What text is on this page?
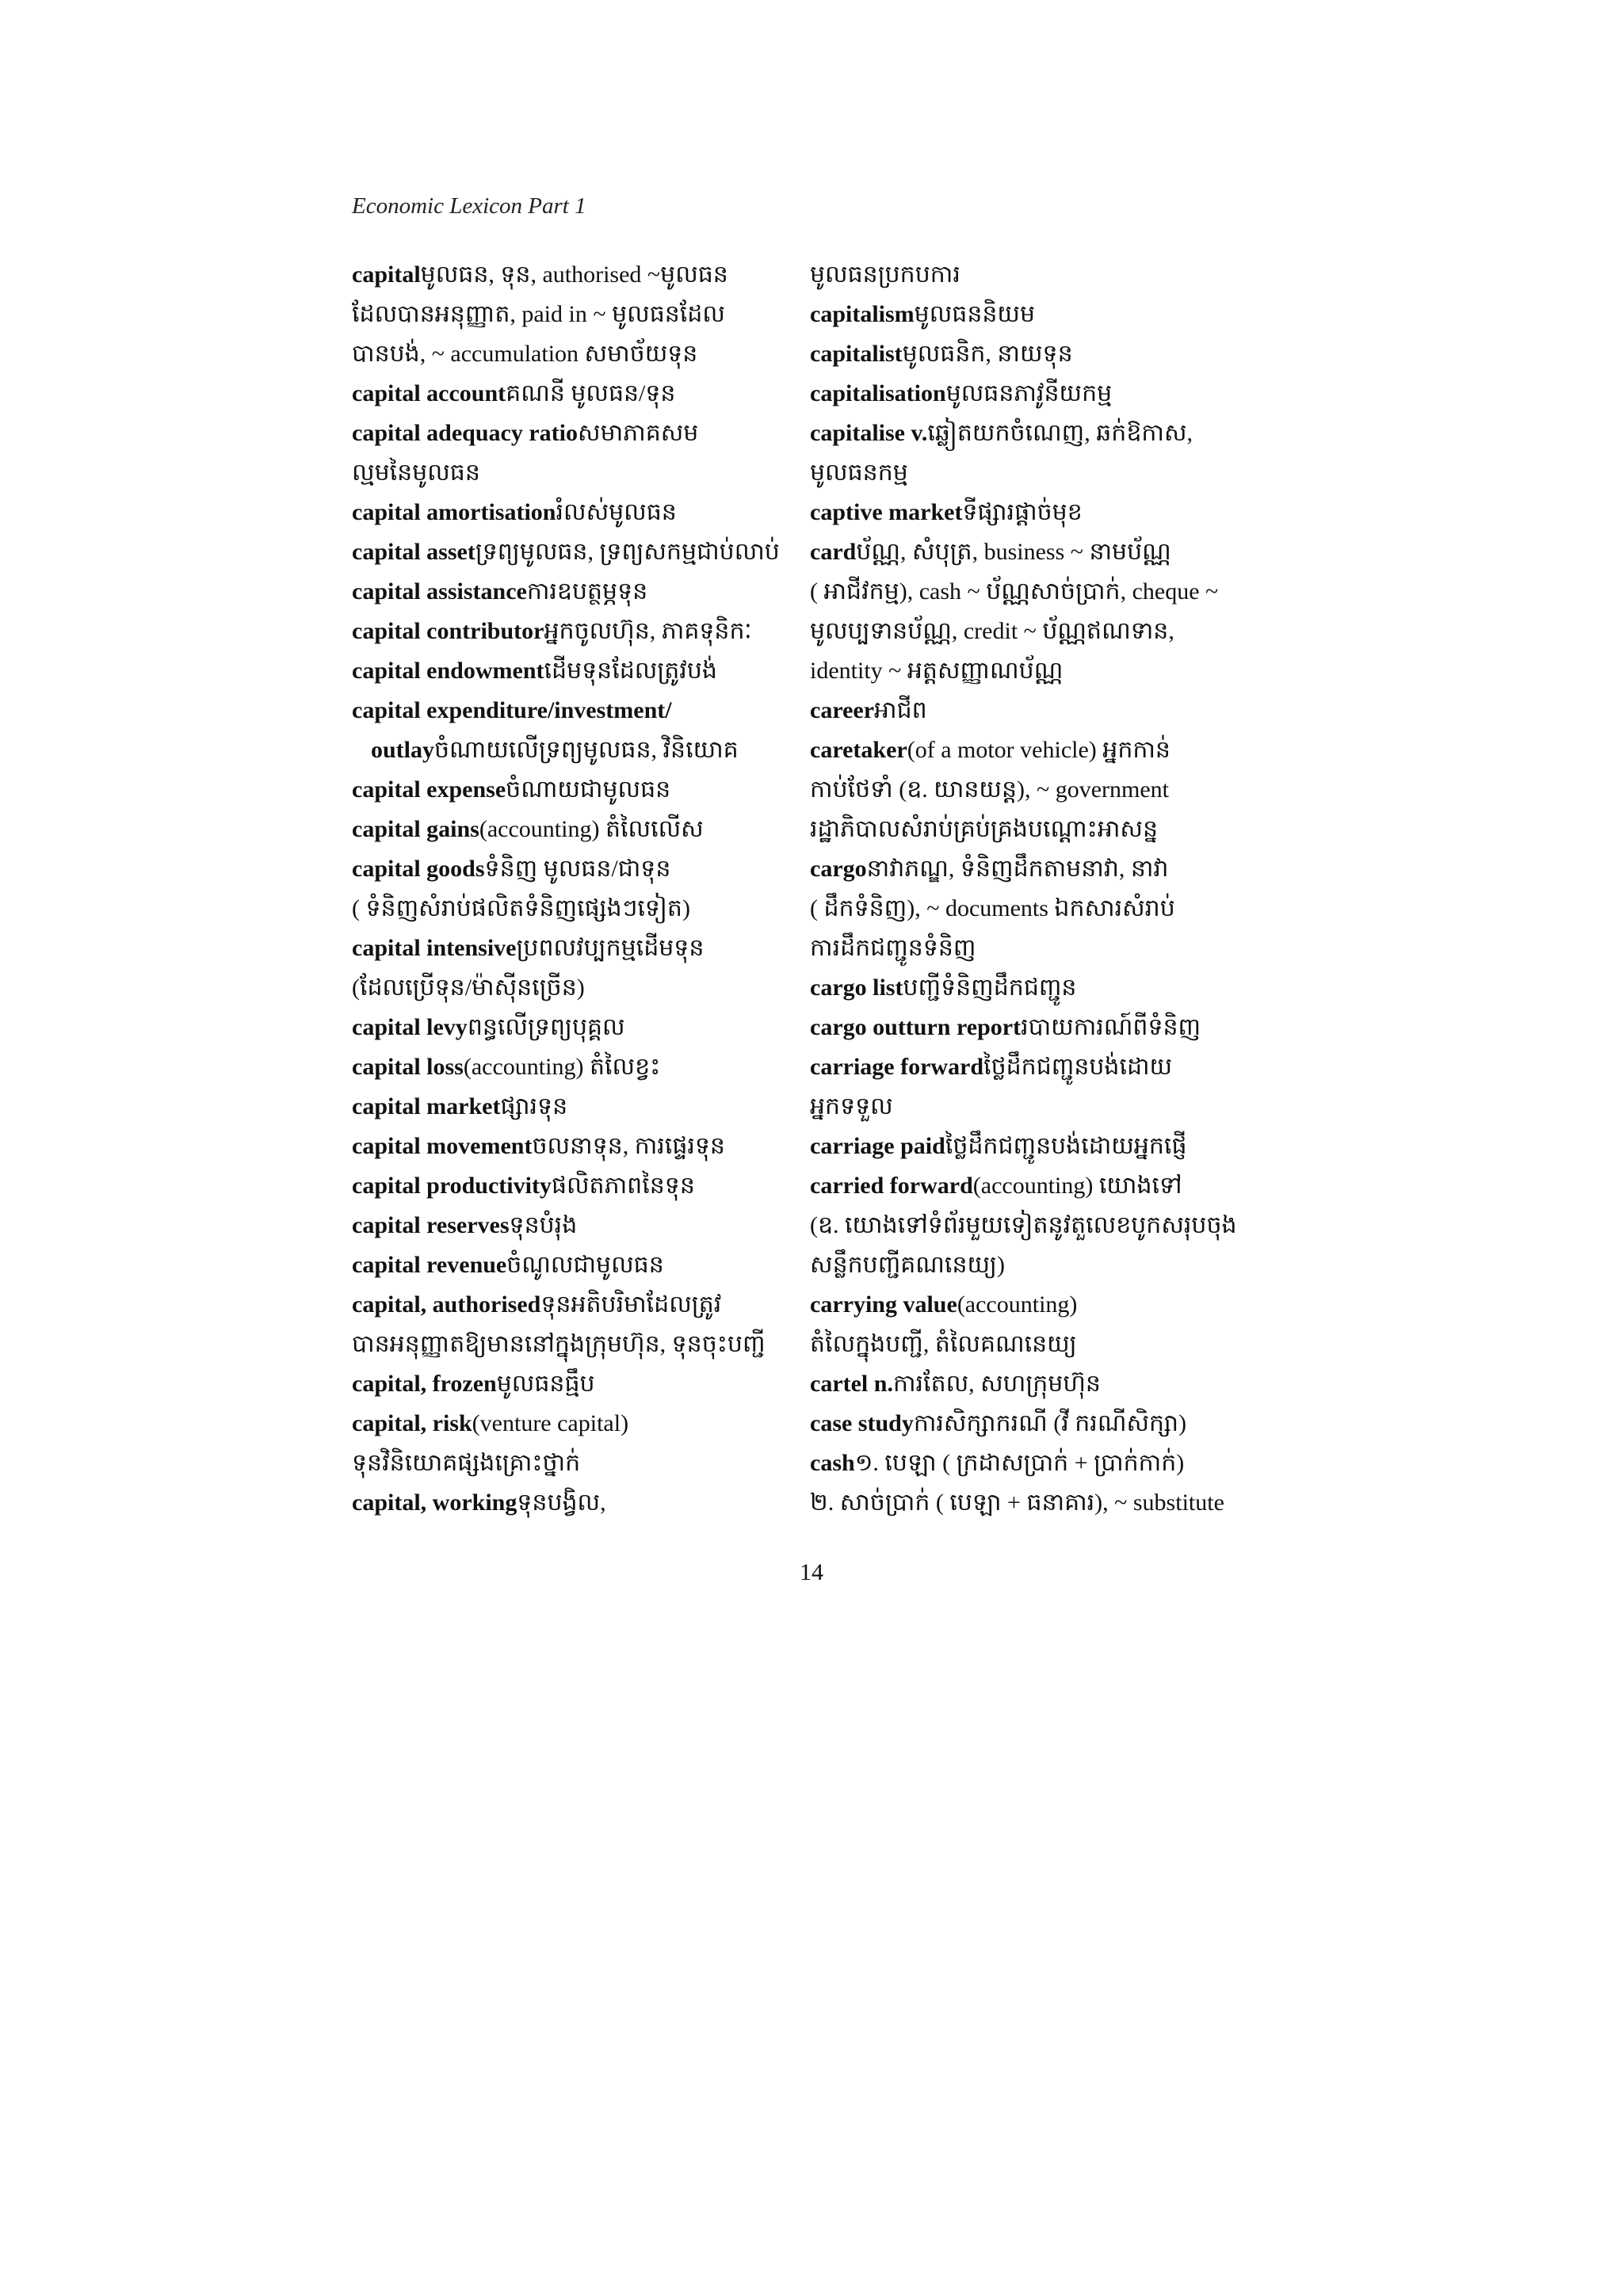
Economic Lexicon Part 1
capitalមូលធន, ទុន, authorised ~មូលធន
ដែលបានអនុញ្ញាត, paid in ~ មូលធនដែល
បានបង់, ~ accumulation សមាច័យទុន
capital accountគណនី មូលធន/ទុន
capital adequacy ratioសមាភាគសម
ល្មមនៃមូលធន
capital amortisationរំលស់មូលធន
capital assetទ្រព្យមូលធន, ទ្រព្យសកម្មជាប់លាប់
capital assistanceការឧបត្ថម្ភទុន
capital contributorអ្នកចូលហ៊ុន, ភាគទុនិកៈ
capital endowmentដើមទុនដែលត្រូវបង់
capital expenditure/investment/
outlayចំណាយលើទ្រព្យមូលធន, វិនិយោគ
capital expenseចំណាយជាមូលធន
capital gains(accounting) តំលៃលើស
capital goodsទំនិញ មូលធន/ជាទុន
( ទំនិញសំរាប់ផលិតទំនិញផ្សេងៗទៀត)
capital intensiveប្រពលវប្បកម្មដើមទុន
(ដែលប្រើទុន/ម៉ាស៊ីនច្រើន)
capital levyពន្ធលើទ្រព្យបុគ្គល
capital loss(accounting) តំលៃខ្វះ
capital marketផ្សារទុន
capital movementចលនាទុន, ការផ្ទេរទុន
capital productivityផលិតភាពនៃទុន
capital reservesទុនបំរុង
capital revenueចំណូលជាមូលធន
capital, authorisedទុនអតិបរិមាដែលត្រូវ
បានអនុញ្ញាតឱ្យមាននៅក្នុងក្រុមហ៊ុន, ទុនចុះបញ្ជី
capital, frozenមូលធនធ្មឹប
capital, risk(venture capital)
ទុនវិនិយោគផ្សងគ្រោះថ្នាក់
capital, workingទុនបង្វិល,
មូលធនប្រកបការ
capitalismមូលធននិយម
capitalistមូលធនិក, នាយទុន
capitalisationមូលធនភាវូនីយកម្ម
capitalise v.ឆ្លៀតយកចំណេញ, ឆក់ឱកាស,
មូលធនកម្ម
captive marketទីផ្សារផ្តាច់មុខ
cardប័ណ្ណ, សំបុត្រ, business ~ នាមប័ណ្ណ
( អាជីវកម្ម), cash ~ ប័ណ្ណសាច់ប្រាក់, cheque ~
មូលប្បទានប័ណ្ណ, credit ~ ប័ណ្ណឥណទាន,
identity ~ អត្តសញ្ញាណប័ណ្ណ
careerអាជីព
caretaker(of a motor vehicle) អ្នកកាន់
កាប់ថែទាំ (ឧ. យានយន្ត), ~ government
រដ្ឋាភិបាលសំរាប់គ្រប់គ្រងបណ្តោះអាសន្ន
cargoនាវាភណ្ឌ, ទំនិញដឹកតាមនាវា, នាវា
( ដឹកទំនិញ), ~ documents ឯកសារសំរាប់
ការដឹកជញ្ជូនទំនិញ
cargo listបញ្ជីទំនិញដឹកជញ្ជូន
cargo outturn reportរបាយការណ៍ពីទំនិញ
carriage forwardថ្លៃដឹកជញ្ជូនបង់ដោយ
អ្នកទទួល
carriage paidថ្លៃដឹកជញ្ជូនបង់ដោយអ្នកផ្ញើ
carried forward(accounting) យោងទៅ
(ឧ. យោងទៅទំព័រមួយទៀតនូវតួលេខបូកសរុបចុង
សន្លឹកបញ្ជីគណនេយ្យ)
carrying value(accounting)
តំលៃក្នុងបញ្ជី, តំលៃគណនេយ្យ
cartel n.ការតែល, សហក្រុមហ៊ុន
case studyការសិក្សាករណី (វី ករណីសិក្សា)
cash១. បេឡា ( ក្រដាសប្រាក់ + ប្រាក់កាក់)
២. សាច់ប្រាក់ ( បេឡា + ធនាគារ), ~ substitute
14
